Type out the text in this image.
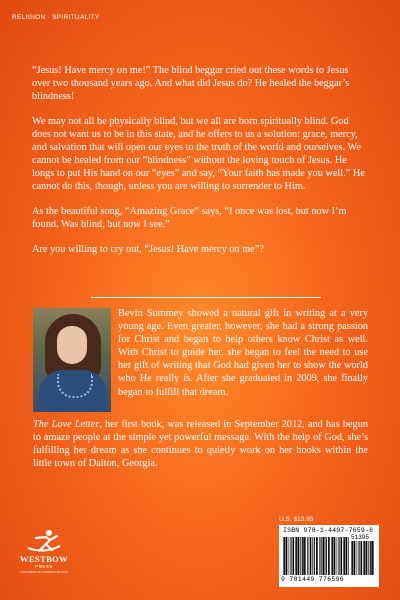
RELIGION · SPIRITUALITY

“Jesus! Have mercy on me!” The blind beggar cried out these words to Jesus over two thousand years ago. And what did Jesus do? He healed the beggar’s blindness!

We may not all be physically blind, but we all are born spiritually blind. God does not want us to be in this state, and he offers to us a solution: grace, mercy, and salvation that will open our eyes to the truth of the world and ourselves. We cannot be healed from our “blindness” without the loving touch of Jesus. He longs to put His hand on our “eyes” and say, “Your faith has made you well.” He cannot do this, though, unless you are willing to surrender to Him.

As the beautiful song, “Amazing Grace” says, “I once was lost, but now I’m found. Was blind, but now I see.”

Are you willing to cry out, “Jesus! Have mercy on me”?

Bevin Summey showed a natural gift in writing at a very young age. Even greater, however, she had a strong passion for Christ and began to help others know Christ as well. With Christ to guide her, she began to feel the need to use her gift of writing that God had given her to show the world who He really is. After she graduated in 2009, she finally began to fulfill that dream.
The Love Letter, her first book, was released in September 2012, and has begun to amaze people at the simple yet powerful message. With the help of God, she’s fulfilling her dream as she continues to quietly work on her books within the little town of Dalton, Georgia.
WESTBOW
PRESS
A DIVISION OF THOMAS NELSON
U.S. $13.95
ISBN 978-1-4497-7659-6
51395
9 781449 776596
